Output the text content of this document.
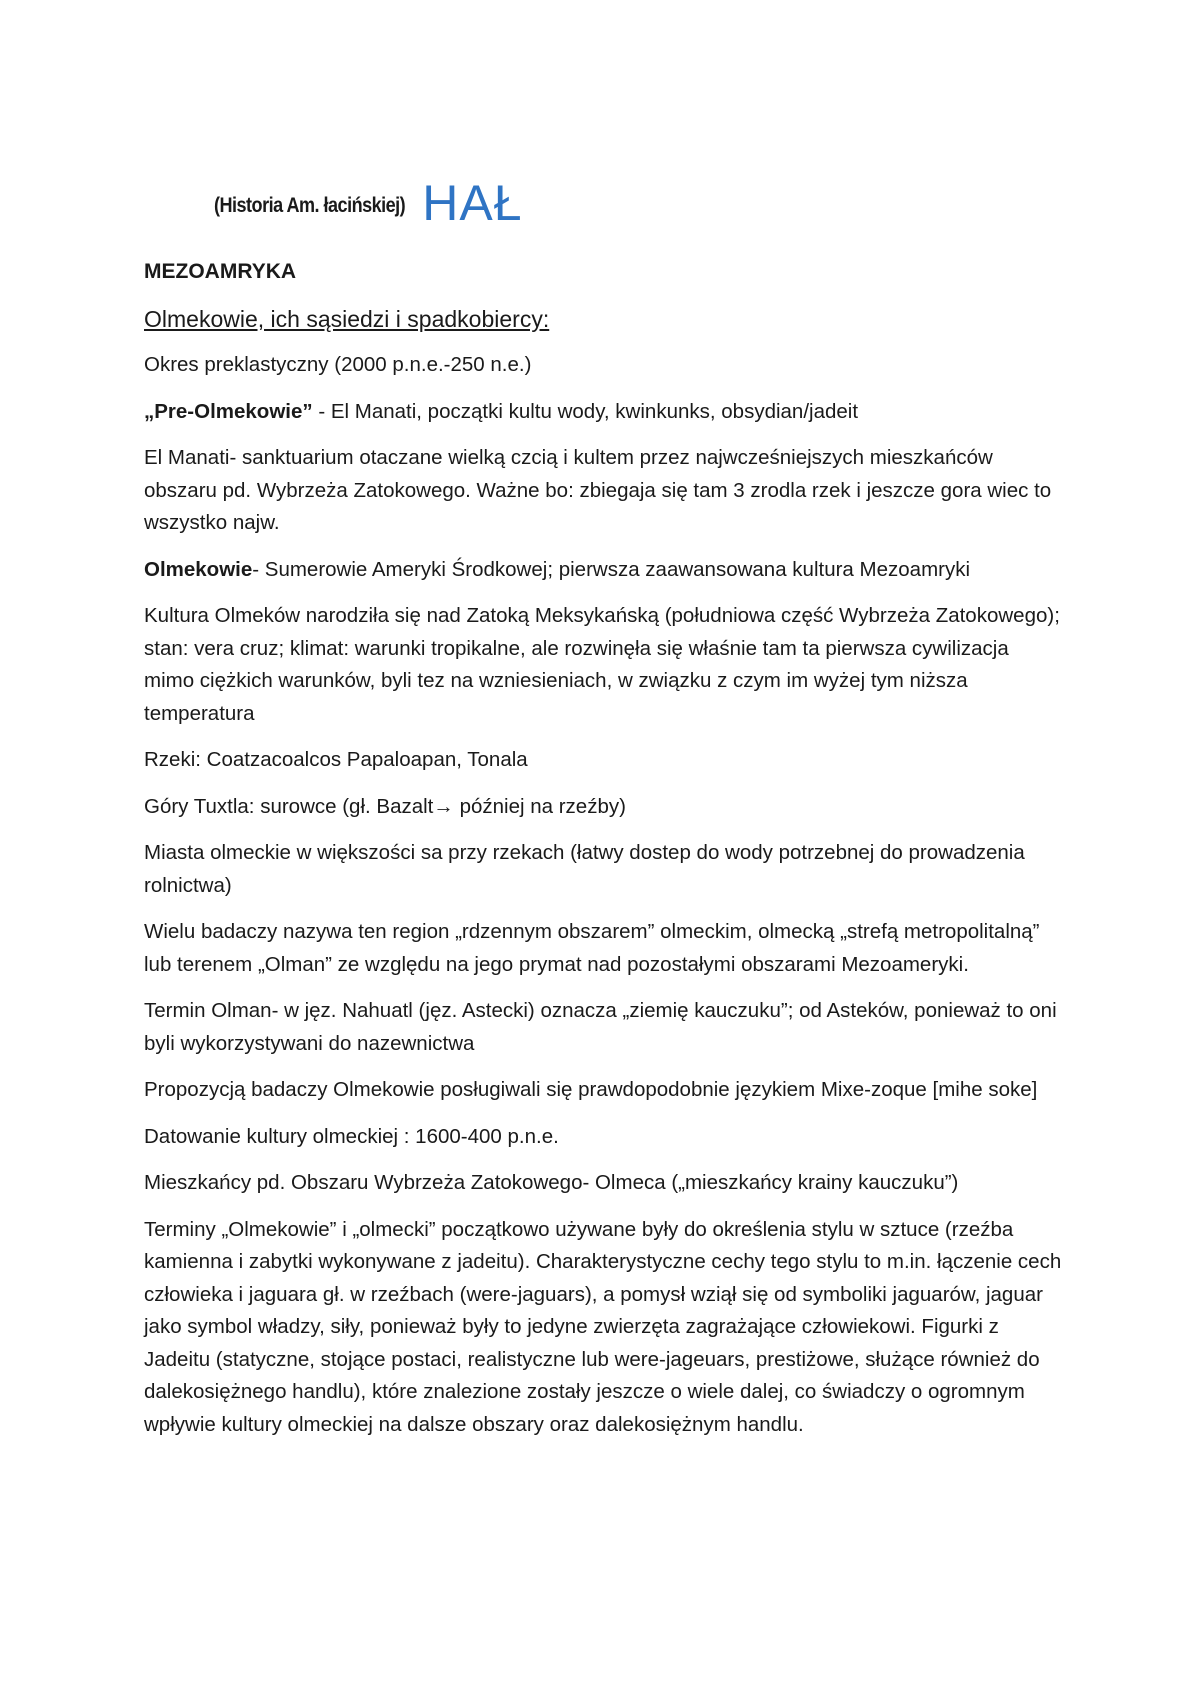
(Historia Am. łacińskiej) HAŁ
MEZOAMRYKA
Olmekowie, ich sąsiedzi i spadkobiercy:

Okres preklastyczny (2000 p.n.e.-250 n.e.)

„Pre-Olmekowie” - El Manati, początki kultu wody, kwinkunks, obsydian/jadeit

El Manati- sanktuarium otaczane wielką czcią i kultem przez najwcześniejszych mieszkańców obszaru pd. Wybrzeża Zatokowego. Ważne bo: zbiegaja się tam 3 zrodla rzek i jeszcze gora wiec to wszystko najw.

Olmekowie- Sumerowie Ameryki Środkowej; pierwsza zaawansowana kultura Mezoamryki

Kultura Olmeków narodziła się nad Zatoką Meksykańską (południowa część Wybrzeża Zatokowego); stan: vera cruz; klimat: warunki tropikalne, ale rozwinęła się właśnie tam ta pierwsza cywilizacja mimo ciężkich warunków, byli tez na wzniesieniach, w związku z czym im wyżej tym niższa temperatura

Rzeki: Coatzacoalcos Papaloapan, Tonala

Góry Tuxtla: surowce (gł. Bazalt→ później na rzeźby)

Miasta olmeckie w większości sa przy rzekach (łatwy dostep do wody potrzebnej do prowadzenia rolnictwa)

Wielu badaczy nazywa ten region „rdzennym obszarem” olmeckim, olmecką „strefą metropolitalną” lub terenem „Olman” ze względu na jego prymat nad pozostałymi obszarami Mezoameryki.

Termin Olman- w jęz. Nahuatl (jęz. Astecki) oznacza „ziemię kauczuku”; od Asteków, ponieważ to oni byli wykorzystywani do nazewnictwa

Propozycją badaczy Olmekowie posługiwali się prawdopodobnie językiem Mixe-zoque [mihe soke]

Datowanie kultury olmeckiej : 1600-400 p.n.e.

Mieszkańcy pd. Obszaru Wybrzeża Zatokowego- Olmeca („mieszkańcy krainy kauczuku”)

Terminy „Olmekowie” i „olmecki” początkowo używane były do określenia stylu w sztuce (rzeźba kamienna i zabytki wykonywane z jadeitu). Charakterystyczne cechy tego stylu to m.in. łączenie cech człowieka i jaguara gł. w rzeźbach (were-jaguars), a pomysł wziął się od symboliki jaguarów, jaguar jako symbol władzy, siły, ponieważ były to jedyne zwierzęta zagrażające człowiekowi. Figurki z Jadeitu (statyczne, stojące postaci, realistyczne lub were-jageuars, prestiżowe, służące również do dalekosiężnego handlu), które znalezione zostały jeszcze o wiele dalej, co świadczy o ogromnym wpływie kultury olmeckiej na dalsze obszary oraz dalekosiężnym handlu.
